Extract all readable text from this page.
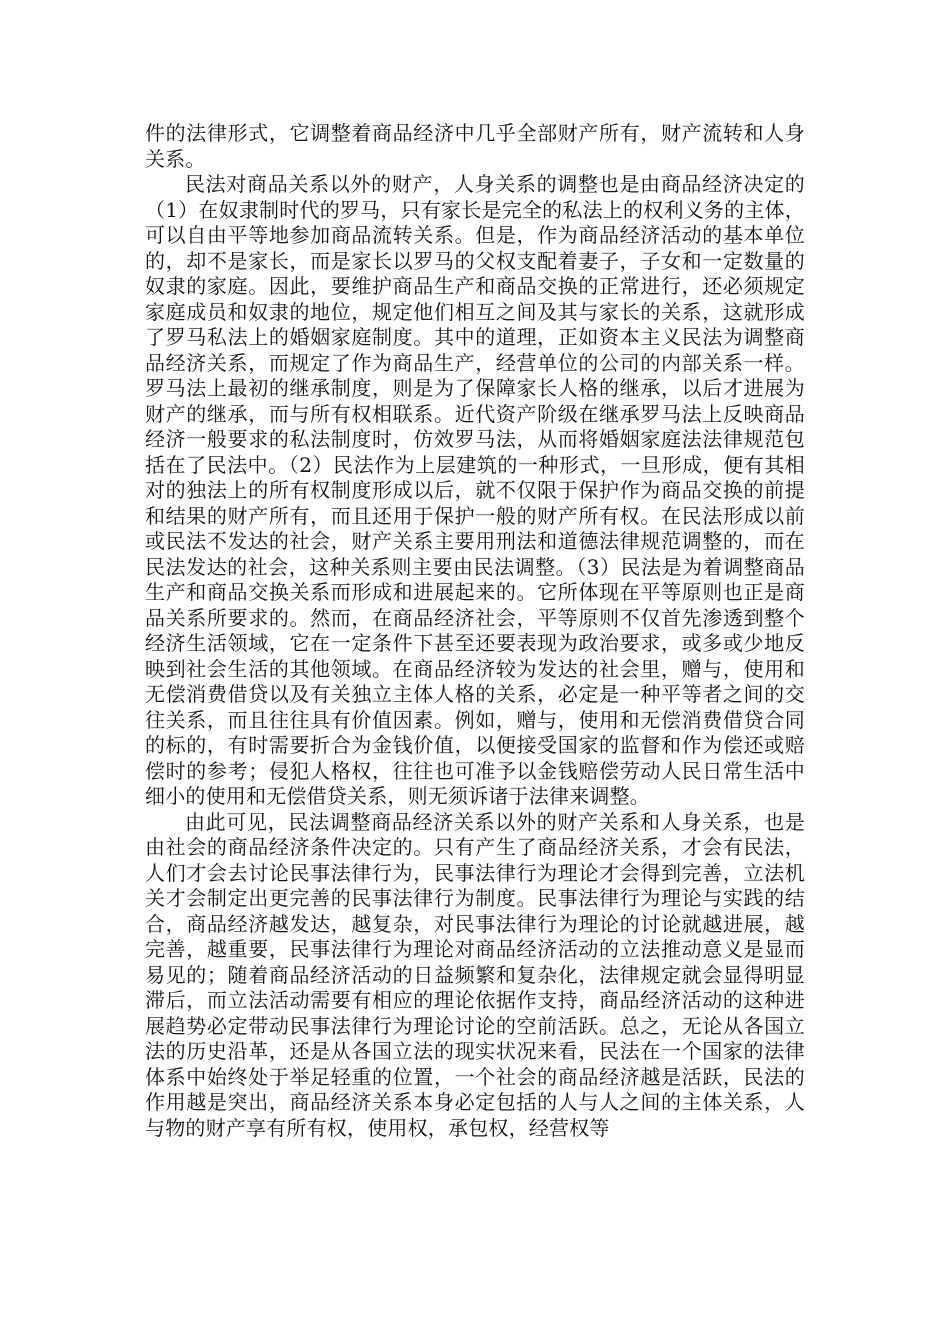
件的法律形式，它调整着商品经济中几乎全部财产所有，财产流转和人身关系。

民法对商品关系以外的财产，人身关系的调整也是由商品经济决定的（1）在奴隶制时代的罗马，只有家长是完全的私法上的权利义务的主体，可以自由平等地参加商品流转关系。但是，作为商品经济活动的基本单位的，却不是家长，而是家长以罗马的父权支配着妻子，子女和一定数量的奴隶的家庭。因此，要维护商品生产和商品交换的正常进行，还必须规定家庭成员和奴隶的地位，规定他们相互之间及其与家长的关系，这就形成了罗马私法上的婚姻家庭制度。其中的道理，正如资本主义民法为调整商品经济关系，而规定了作为商品生产，经营单位的公司的内部关系一样。罗马法上最初的继承制度，则是为了保障家长人格的继承，以后才进展为财产的继承，而与所有权相联系。近代资产阶级在继承罗马法上反映商品经济一般要求的私法制度时，仿效罗马法，从而将婚姻家庭法法律规范包括在了民法中。（2）民法作为上层建筑的一种形式，一旦形成，便有其相对的独法上的所有权制度形成以后，就不仅限于保护作为商品交换的前提和结果的财产所有，而且还用于保护一般的财产所有权。在民法形成以前或民法不发达的社会，财产关系主要用刑法和道德法律规范调整的，而在民法发达的社会，这种关系则主要由民法调整。（3）民法是为着调整商品生产和商品交换关系而形成和进展起来的。它所体现在平等原则也正是商品关系所要求的。然而，在商品经济社会，平等原则不仅首先渗透到整个经济生活领域，它在一定条件下甚至还要表现为政治要求，或多或少地反映到社会生活的其他领域。在商品经济较为发达的社会里，赠与，使用和无偿消费借贷以及有关独立主体人格的关系，必定是一种平等者之间的交往关系，而且往往具有价值因素。例如，赠与，使用和无偿消费借贷合同的标的，有时需要折合为金钱价值，以便接受国家的监督和作为偿还或赔偿时的参考；侵犯人格权，往往也可准予以金钱赔偿劳动人民日常生活中细小的使用和无偿借贷关系，则无须诉诸于法律来调整。

由此可见，民法调整商品经济关系以外的财产关系和人身关系，也是由社会的商品经济条件决定的。只有产生了商品经济关系，才会有民法，人们才会去讨论民事法律行为，民事法律行为理论才会得到完善，立法机关才会制定出更完善的民事法律行为制度。民事法律行为理论与实践的结合，商品经济越发达，越复杂，对民事法律行为理论的讨论就越进展，越完善，越重要，民事法律行为理论对商品经济活动的立法推动意义是显而易见的；随着商品经济活动的日益频繁和复杂化，法律规定就会显得明显滞后，而立法活动需要有相应的理论依据作支持，商品经济活动的这种进展趋势必定带动民事法律行为理论讨论的空前活跃。总之，无论从各国立法的历史沿革，还是从各国立法的现实状况来看，民法在一个国家的法律体系中始终处于举足轻重的位置，一个社会的商品经济越是活跃，民法的作用越是突出，商品经济关系本身必定包括的人与人之间的主体关系，人与物的财产享有所有权，使用权，承包权，经营权等
